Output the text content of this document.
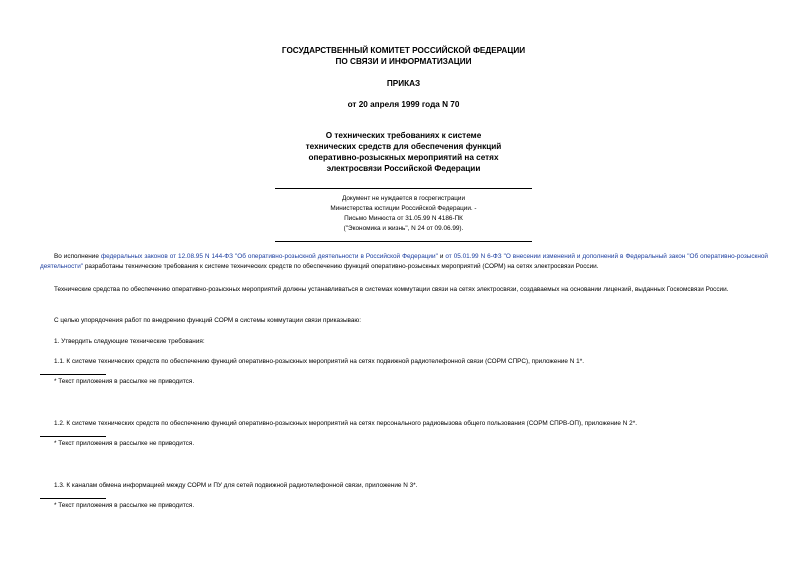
ГОСУДАРСТВЕННЫЙ КОМИТЕТ РОССИЙСКОЙ ФЕДЕРАЦИИ
ПО СВЯЗИ И ИНФОРМАТИЗАЦИИ
ПРИКАЗ
от 20 апреля 1999 года N 70
О технических требованиях к системе
технических средств для обеспечения функций
оперативно-розыскных мероприятий на сетях
электросвязи Российской Федерации
Документ не нуждается в госрегистрации
Министерства юстиции Российской Федерации. -
Письмо Минюста от 31.05.99 N 4186-ПК
("Экономика и жизнь", N 24 от 09.06.99).
Во исполнение федеральных законов от 12.08.95 N 144-ФЗ "Об оперативно-розыскной деятельности в Российской Федерации" и от 05.01.99 N 6-ФЗ "О внесении изменений и дополнений в Федеральный закон "Об оперативно-розыскной деятельности" разработаны технические требования к системе технических средств по обеспечению функций оперативно-розыскных мероприятий (СОРМ) на сетях электросвязи России.
Технические средства по обеспечению оперативно-розыскных мероприятий должны устанавливаться в системах коммутации связи на сетях электросвязи, создаваемых на основании лицензий, выданных Госкомсвязи России.
С целью упорядочения работ по внедрению функций СОРМ в системы коммутации связи приказываю:
1. Утвердить следующие технические требования:
1.1. К системе технических средств по обеспечению функций оперативно-розыскных мероприятий на сетях подвижной радиотелефонной связи (СОРМ СПРС), приложение N 1*.
* Текст приложения в рассылке не приводится.
1.2. К системе технических средств по обеспечению функций оперативно-розыскных мероприятий на сетях персонального радиовызова общего пользования (СОРМ СПРВ-ОП), приложение N 2*.
* Текст приложения в рассылке не приводится.
1.3. К каналам обмена информацией между СОРМ и ПУ для сетей подвижной радиотелефонной связи, приложение N 3*.
* Текст приложения в рассылке не приводится.
